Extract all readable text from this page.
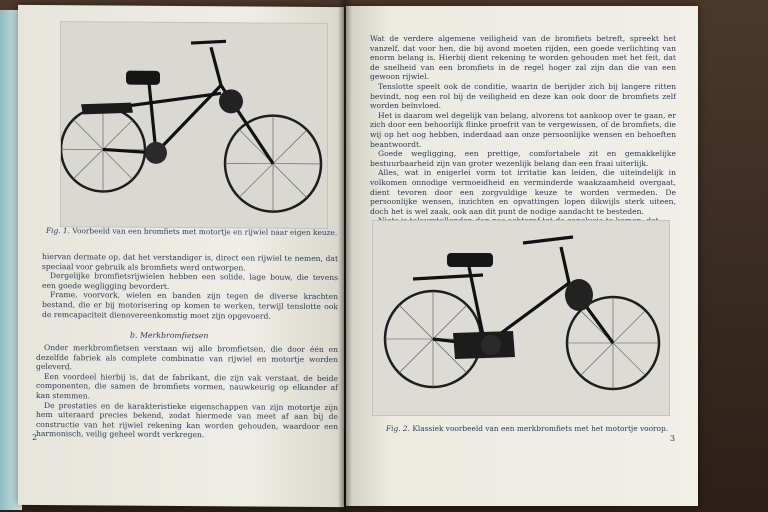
Fig. 1. Voorbeeld van een bromfiets met motortje en rijwiel naar eigen keuze.

hiervan dermate op, dat het verstandiger is, direct een rijwiel te nemen, dat speciaal voor gebruik als bromfiets werd ontworpen.

Dergelijke bromfietsrijwielen hebben een solide, lage bouw, die tevens een goede wegligging bevordert.

Frame, voorvork, wielen en banden zijn tegen de diverse krachten bestand, die er bij motorisering op komen te werken, terwijl tenslotte ook de remcapaciteit dienovereenkomstig moet zijn opgevoerd.

b. Merkbromfietsen

Onder merkbromfietsen verstaan wij alle bromfietsen, die door één en dezelfde fabriek als complete combinatie van rijwiel en motortje worden geleverd.

Een voordeel hierbij is, dat de fabrikant, die zijn vak verstaat, de beide componenten, die samen de bromfiets vormen, nauwkeurig op elkander af kan stemmen.

De prestaties en de karakteristieke eigenschappen van zijn motortje zijn hem uiteraard precies bekend, zodat hiermede van meet af aan bij de constructie van het rijwiel rekening kan worden gehouden, waardoor een harmonisch, veilig geheel wordt verkregen.

2

Wat de verdere algemene veiligheid van de bromfiets betreft, spreekt het vanzelf, dat voor hen, die bij avond moeten rijden, een goede verlichting van enorm belang is. Hierbij dient rekening te worden gehouden met het feit, dat de snelheid van een bromfiets in de regel hoger zal zijn dan die van een gewoon rijwiel.

Tenslotte speelt ook de conditie, waarin de berijder zich bij langere ritten bevindt, nog een rol bij de veiligheid en deze kan ook door de bromfiets zelf worden beïnvloed.

Het is daarom wel degelijk van belang, alvorens tot aankoop over te gaan, er zich door een behoorlijk flinke proefrit van te vergewissen, of de bromfiets, die wij op het oog hebben, inderdaad aan onze persoonlijke wensen en behoeften beantwoordt.

Goede wegligging, een prettige, comfortabele zit en gemakkelijke bestuurbaarheid zijn van groter wezenlijk belang dan een fraai uiterlijk.

Alles, wat in enigerlei vorm tot irritatie kan leiden, die uiteindelijk in volkomen onnodige vermoeidheid en verminderde waakzaamheid overgaat, dient tevoren door een zorgvuldige keuze te worden vermeden. De persoonlijke wensen, inzichten en opvattingen lopen dikwijls sterk uiteen, doch het is wel zaak, ook aan dit punt de nodige aandacht te besteden.

Fig. 2. Klassiek voorbeeld van een merkbromfiets met het motortje voorop.
3
